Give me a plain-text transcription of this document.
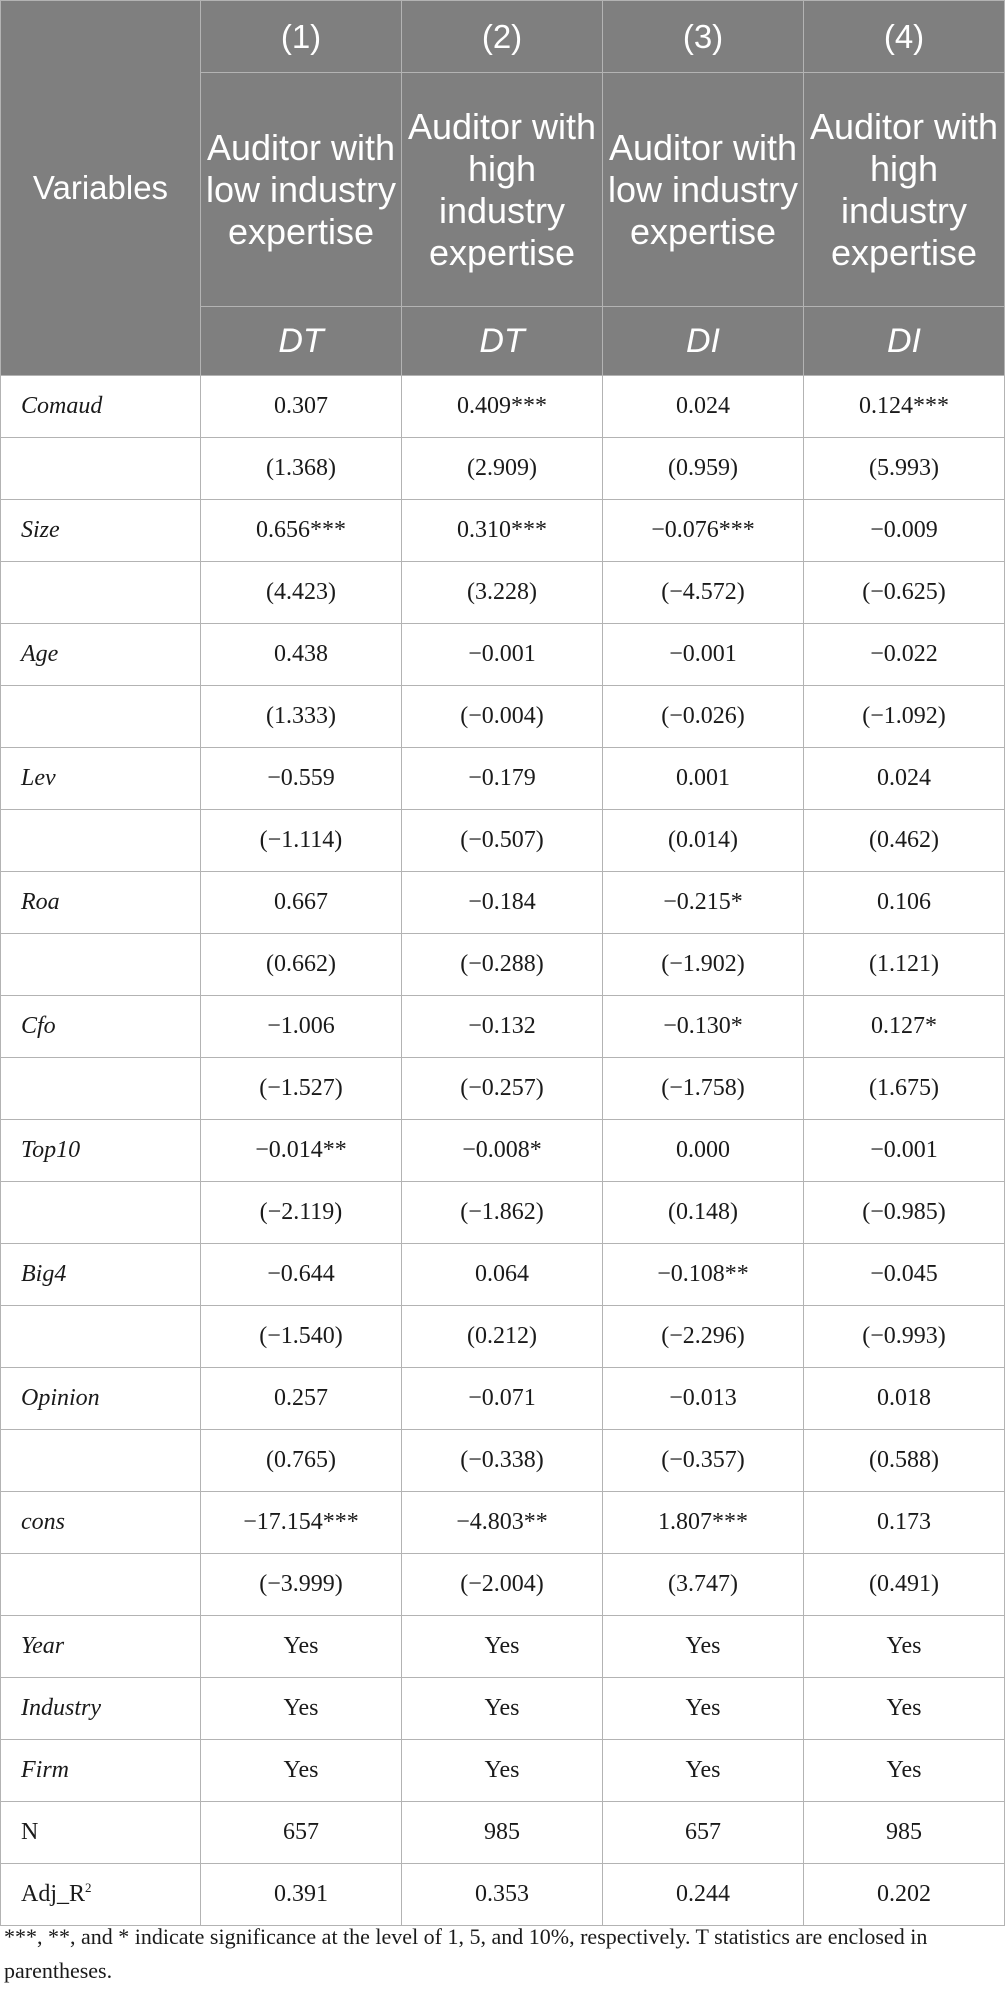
Variables	(1)	(2)	(3)	(4)
	Auditor with low industry expertise	Auditor with high industry expertise	Auditor with low industry expertise	Auditor with high industry expertise
	DT	DT	DI	DI
Comaud	0.307	0.409***	0.024	0.124***
	(1.368)	(2.909)	(0.959)	(5.993)
Size	0.656***	0.310***	−0.076***	−0.009
	(4.423)	(3.228)	(−4.572)	(−0.625)
Age	0.438	−0.001	−0.001	−0.022
	(1.333)	(−0.004)	(−0.026)	(−1.092)
Lev	−0.559	−0.179	0.001	0.024
	(−1.114)	(−0.507)	(0.014)	(0.462)
Roa	0.667	−0.184	−0.215*	0.106
	(0.662)	(−0.288)	(−1.902)	(1.121)
Cfo	−1.006	−0.132	−0.130*	0.127*
	(−1.527)	(−0.257)	(−1.758)	(1.675)
Top10	−0.014**	−0.008*	0.000	−0.001
	(−2.119)	(−1.862)	(0.148)	(−0.985)
Big4	−0.644	0.064	−0.108**	−0.045
	(−1.540)	(0.212)	(−2.296)	(−0.993)
Opinion	0.257	−0.071	−0.013	0.018
	(0.765)	(−0.338)	(−0.357)	(0.588)
cons	−17.154***	−4.803**	1.807***	0.173
	(−3.999)	(−2.004)	(3.747)	(0.491)
Year	Yes	Yes	Yes	Yes
Industry	Yes	Yes	Yes	Yes
Firm	Yes	Yes	Yes	Yes
N	657	985	657	985
$Adj\_R^2$	0.391	0.353	0.244	0.202
***, **, and * indicate significance at the level of 1, 5, and 10%, respectively. T statistics are enclosed in parentheses.
